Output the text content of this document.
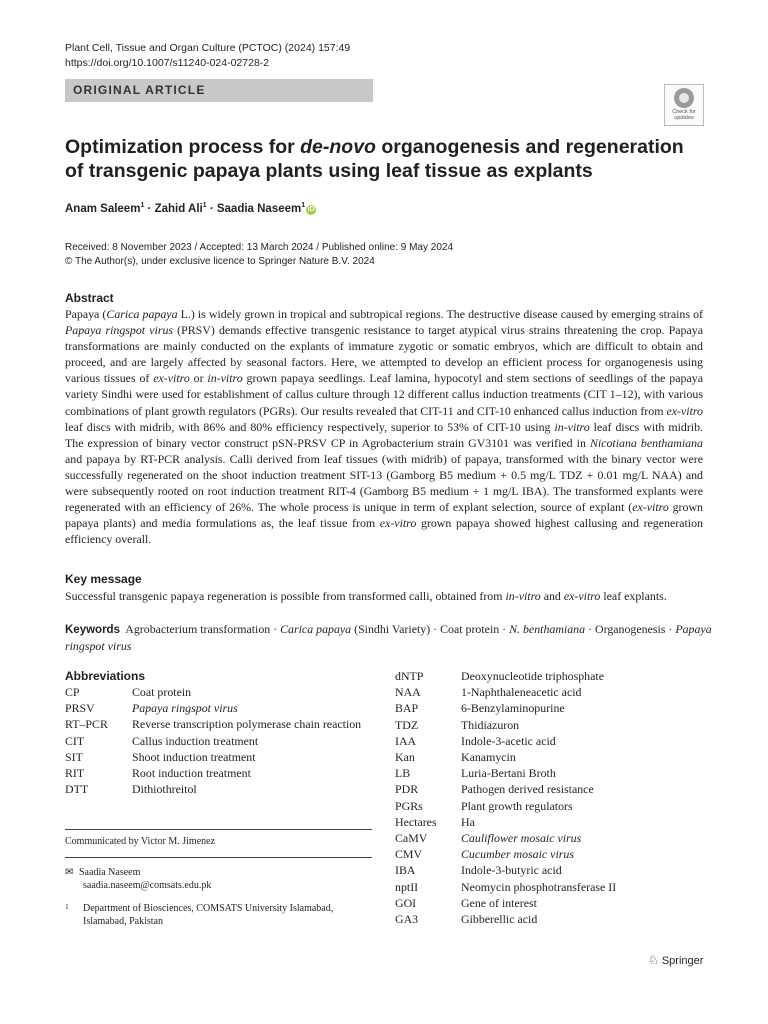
Plant Cell, Tissue and Organ Culture (PCTOC) (2024) 157:49
https://doi.org/10.1007/s11240-024-02728-2
ORIGINAL ARTICLE
Check for
updates
Optimization process for de-novo organogenesis and regeneration of transgenic papaya plants using leaf tissue as explants
Anam Saleem$^1$ · Zahid Ali$^1$ · Saadia Naseem$^1$iD
Received: 8 November 2023 / Accepted: 13 March 2024 / Published online: 9 May 2024
© The Author(s), under exclusive licence to Springer Nature B.V. 2024
Abstract
Papaya (Carica papaya L.) is widely grown in tropical and subtropical regions. The destructive disease caused by emerging strains of Papaya ringspot virus (PRSV) demands effective transgenic resistance to target atypical virus strains threatening the crop. Papaya transformations are mainly conducted on the explants of immature zygotic or somatic embryos, which are difficult to obtain and proceed, and are largely affected by seasonal factors. Here, we attempted to develop an efficient process for organogenesis using various tissues of ex-vitro or in-vitro grown papaya seedlings. Leaf lamina, hypocotyl and stem sections of seedlings of the papaya variety Sindhi were used for establishment of callus culture through 12 different callus induction treatments (CIT 1–12), with various combinations of plant growth regulators (PGRs). Our results revealed that CIT-11 and CIT-10 enhanced callus induction from ex-vitro leaf discs with midrib, with 86% and 80% efficiency respectively, superior to 53% of CIT-10 using in-vitro leaf discs with midrib. The expression of binary vector construct pSN-PRSV CP in Agrobacterium strain GV3101 was verified in Nicotiana benthamiana and papaya by RT-PCR analysis. Calli derived from leaf tissues (with midrib) of papaya, transformed with the binary vector were successfully regenerated on the shoot induction treatment SIT-13 (Gamborg B5 medium + 0.5 mg/L TDZ + 0.01 mg/L NAA) and were subsequently rooted on root induction treatment RIT-4 (Gamborg B5 medium + 1 mg/L IBA). The transformed explants were regenerated with an efficiency of 26%. The whole process is unique in term of explant selection, source of explant (ex-vitro grown papaya plants) and media formulations as, the leaf tissue from ex-vitro grown papaya showed highest callusing and regeneration efficiency overall.
Key message
Successful transgenic papaya regeneration is possible from transformed calli, obtained from in-vitro and ex-vitro leaf explants.
Keywords Agrobacterium transformation · Carica papaya (Sindhi Variety) · Coat protein · N. benthamiana · Organogenesis · Papaya ringspot virus
Abbreviations
CP	Coat protein
PRSV	Papaya ringspot virus
RT–PCR	Reverse transcription polymerase chain reaction
CIT	Callus induction treatment
SIT	Shoot induction treatment
RIT	Root induction treatment
DTT	Dithiothreitol
dNTP	Deoxynucleotide triphosphate
NAA	1-Naphthaleneacetic acid
BAP	6-Benzylaminopurine
TDZ	Thidiazuron
IAA	Indole-3-acetic acid
Kan	Kanamycin
LB	Luria-Bertani Broth
PDR	Pathogen derived resistance
PGRs	Plant growth regulators
Hectares	Ha
CaMV	Cauliflower mosaic virus
CMV	Cucumber mosaic virus
IBA	Indole-3-butyric acid
nptII	Neomycin phosphotransferase II
GOI	Gene of interest
GA3	Gibberellic acid
Communicated by Victor M. Jimenez
✉ Saadia Naseem
saadia.naseem@comsats.edu.pk
1	Department of Biosciences, COMSATS University Islamabad, Islamabad, Pakistan
♘ Springer
